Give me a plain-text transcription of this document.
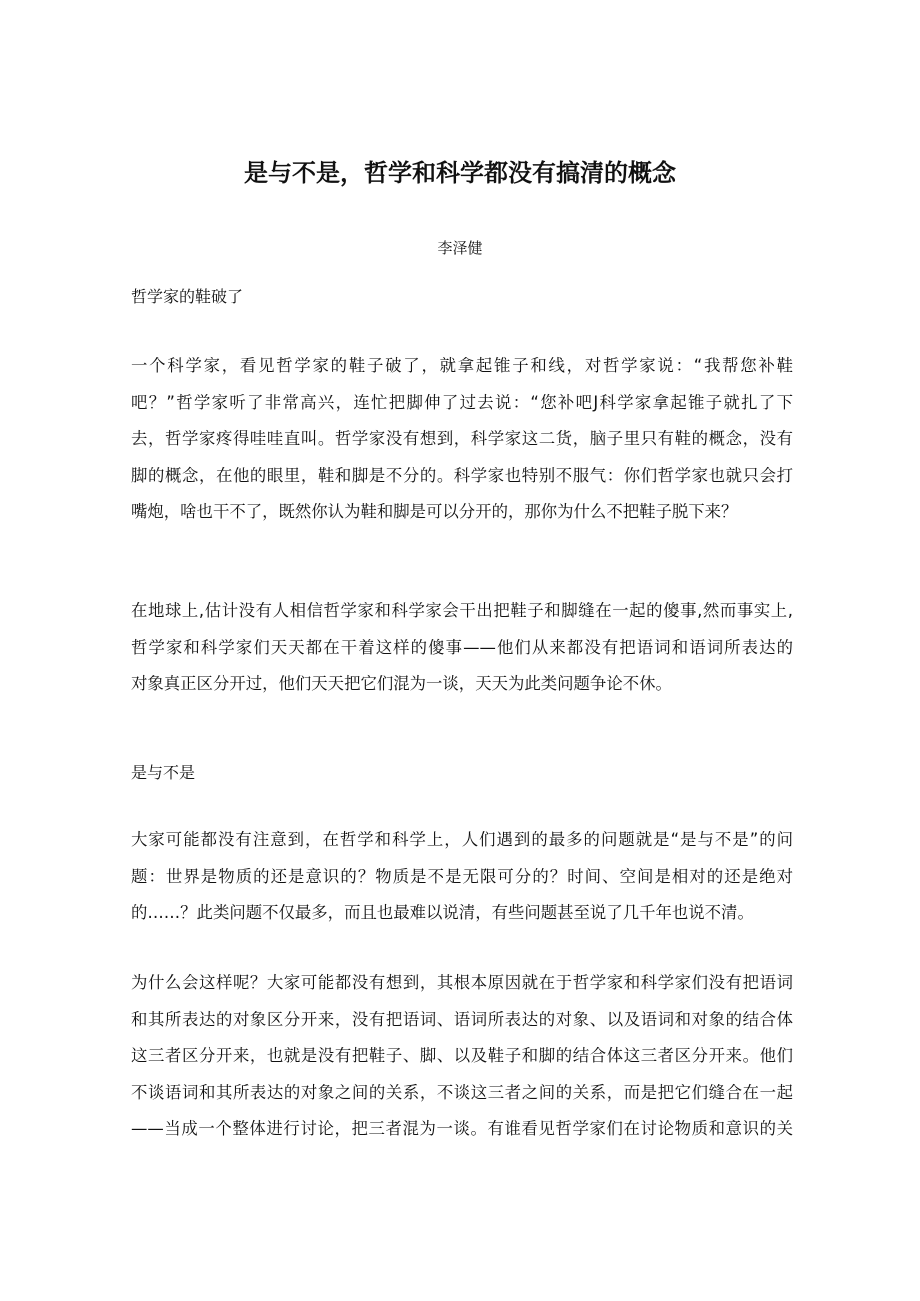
是与不是，哲学和科学都没有搞清的概念
李泽健
哲学家的鞋破了
一个科学家，看见哲学家的鞋子破了，就拿起锥子和线，对哲学家说：“我帮您补鞋
吧？”哲学家听了非常高兴，连忙把脚伸了过去说：“您补吧J科学家拿起锥子就扎了下
去，哲学家疼得哇哇直叫。哲学家没有想到，科学家这二货，脑子里只有鞋的概念，没有
脚的概念，在他的眼里，鞋和脚是不分的。科学家也特别不服气：你们哲学家也就只会打
嘴炮，啥也干不了，既然你认为鞋和脚是可以分开的，那你为什么不把鞋子脱下来？
在地球上,估计没有人相信哲学家和科学家会干出把鞋子和脚缝在一起的傻事,然而事实上,
哲学家和科学家们天天都在干着这样的傻事——他们从来都没有把语词和语词所表达的
对象真正区分开过，他们天天把它们混为一谈，天天为此类问题争论不休。
是与不是
大家可能都没有注意到，在哲学和科学上，人们遇到的最多的问题就是“是与不是”的问
题：世界是物质的还是意识的？物质是不是无限可分的？时间、空间是相对的还是绝对
的……？此类问题不仅最多，而且也最难以说清，有些问题甚至说了几千年也说不清。
为什么会这样呢？大家可能都没有想到，其根本原因就在于哲学家和科学家们没有把语词
和其所表达的对象区分开来，没有把语词、语词所表达的对象、以及语词和对象的结合体
这三者区分开来，也就是没有把鞋子、脚、以及鞋子和脚的结合体这三者区分开来。他们
不谈语词和其所表达的对象之间的关系，不谈这三者之间的关系，而是把它们缝合在一起
——当成一个整体进行讨论，把三者混为一谈。有谁看见哲学家们在讨论物质和意识的关
